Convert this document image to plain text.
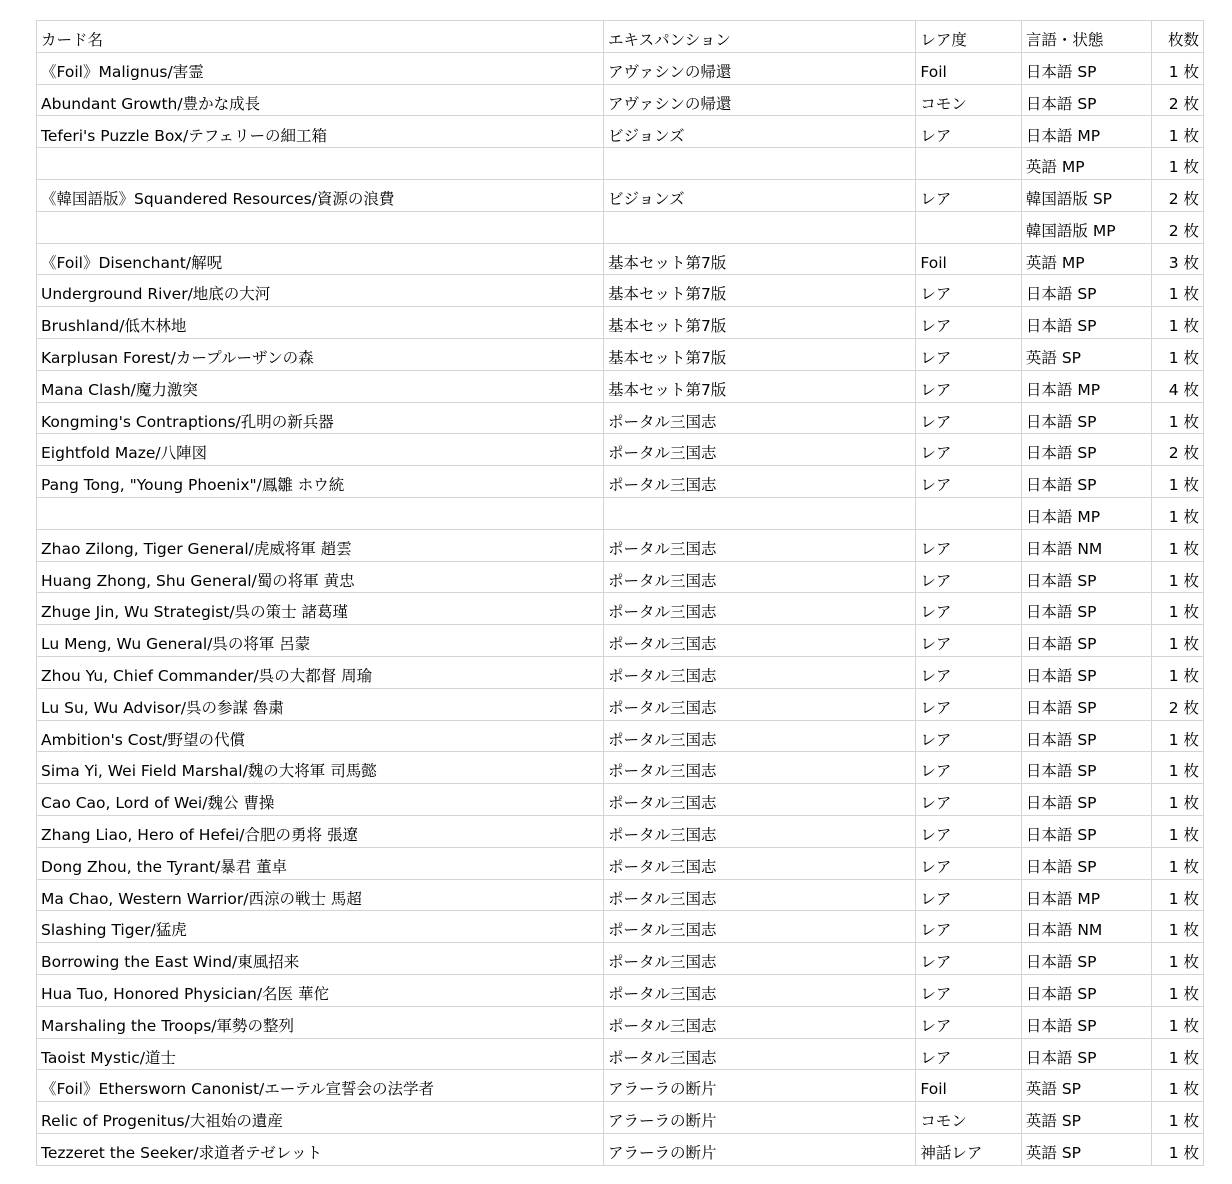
カード名	エキスパンション	レア度	言語・状態	枚数
《Foil》Malignus/害霊	アヴァシンの帰還	Foil	日本語 SP	1 枚
Abundant Growth/豊かな成長	アヴァシンの帰還	コモン	日本語 SP	2 枚
Teferi's Puzzle Box/テフェリーの細工箱	ビジョンズ	レア	日本語 MP	1 枚
			英語 MP	1 枚
《韓国語版》Squandered Resources/資源の浪費	ビジョンズ	レア	韓国語版 SP	2 枚
			韓国語版 MP	2 枚
《Foil》Disenchant/解呪	基本セット第7版	Foil	英語 MP	3 枚
Underground River/地底の大河	基本セット第7版	レア	日本語 SP	1 枚
Brushland/低木林地	基本セット第7版	レア	日本語 SP	1 枚
Karplusan Forest/カープルーザンの森	基本セット第7版	レア	英語 SP	1 枚
Mana Clash/魔力激突	基本セット第7版	レア	日本語 MP	4 枚
Kongming's Contraptions/孔明の新兵器	ポータル三国志	レア	日本語 SP	1 枚
Eightfold Maze/八陣図	ポータル三国志	レア	日本語 SP	2 枚
Pang Tong, "Young Phoenix"/鳳雛 ホウ統	ポータル三国志	レア	日本語 SP	1 枚
			日本語 MP	1 枚
Zhao Zilong, Tiger General/虎威将軍 趙雲	ポータル三国志	レア	日本語 NM	1 枚
Huang Zhong, Shu General/蜀の将軍 黄忠	ポータル三国志	レア	日本語 SP	1 枚
Zhuge Jin, Wu Strategist/呉の策士 諸葛瑾	ポータル三国志	レア	日本語 SP	1 枚
Lu Meng, Wu General/呉の将軍 呂蒙	ポータル三国志	レア	日本語 SP	1 枚
Zhou Yu, Chief Commander/呉の大都督 周瑜	ポータル三国志	レア	日本語 SP	1 枚
Lu Su, Wu Advisor/呉の参謀 魯粛	ポータル三国志	レア	日本語 SP	2 枚
Ambition's Cost/野望の代償	ポータル三国志	レア	日本語 SP	1 枚
Sima Yi, Wei Field Marshal/魏の大将軍 司馬懿	ポータル三国志	レア	日本語 SP	1 枚
Cao Cao, Lord of Wei/魏公 曹操	ポータル三国志	レア	日本語 SP	1 枚
Zhang Liao, Hero of Hefei/合肥の勇将 張遼	ポータル三国志	レア	日本語 SP	1 枚
Dong Zhou, the Tyrant/暴君 董卓	ポータル三国志	レア	日本語 SP	1 枚
Ma Chao, Western Warrior/西涼の戦士 馬超	ポータル三国志	レア	日本語 MP	1 枚
Slashing Tiger/猛虎	ポータル三国志	レア	日本語 NM	1 枚
Borrowing the East Wind/東風招来	ポータル三国志	レア	日本語 SP	1 枚
Hua Tuo, Honored Physician/名医 華佗	ポータル三国志	レア	日本語 SP	1 枚
Marshaling the Troops/軍勢の整列	ポータル三国志	レア	日本語 SP	1 枚
Taoist Mystic/道士	ポータル三国志	レア	日本語 SP	1 枚
《Foil》Ethersworn Canonist/エーテル宣誓会の法学者	アラーラの断片	Foil	英語 SP	1 枚
Relic of Progenitus/大祖始の遺産	アラーラの断片	コモン	英語 SP	1 枚
Tezzeret the Seeker/求道者テゼレット	アラーラの断片	神話レア	英語 SP	1 枚
